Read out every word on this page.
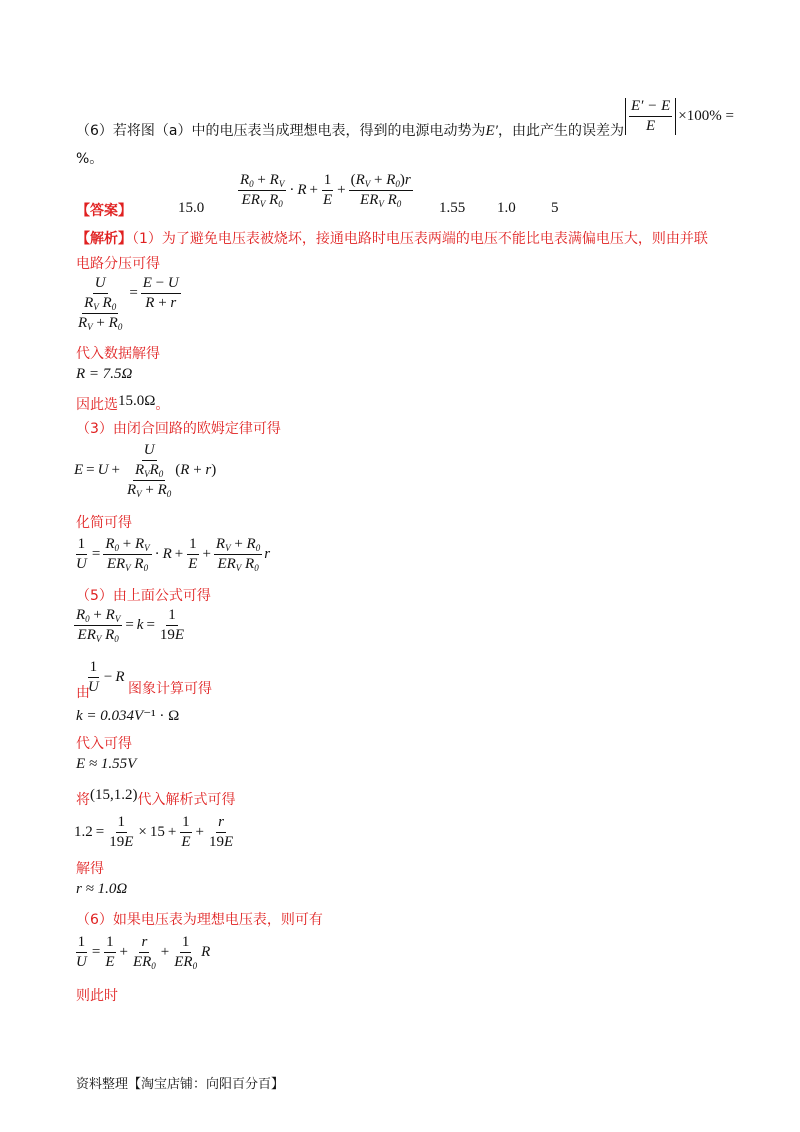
（6）若将图（a）中的电压表当成理想电表，得到的电源电动势为E′，由此产生的误差为 $\frac{E' - E}{E} \times 100\%$ =
%。
【答案】	$15.0 \frac{R_0 + R_V}{ER_V R_0} \cdot R + \frac{1}{E} + \frac{(R_V + R_0)r}{ER_V R_0} 1.55$ 1.0 5
【解析】（1）为了避免电压表被烧坏，接通电路时电压表两端的电压不能比电表满偏电压大，则由并联
电路分压可得
$\frac{U}{\frac{R_V R_0}{R_V + R_0}} = \frac{E - U}{R + r}$
代入数据解得
R = 7.5Ω
因此选15.0Ω。
（3）由闭合回路的欧姆定律可得
$E = U + \frac{U}{\frac{R_VR_0}{R_V + R_0}} (R + r)$
化简可得
$\frac{1}{U} = \frac{R_0 + R_V}{ER_V R_0} \cdot R + \frac{1}{E} + \frac{R_V + R_0}{ER_V R_0}$ r
（5）由上面公式可得
$\frac{R_0 + R_V}{ER_V R_0} = k = \frac{1}{19E}$
$\frac{1}{U} - R$
由	图象计算可得
k = 0.034V⁻¹ · Ω
代入可得
E ≈ 1.55V
将(15,1.2)代入解析式可得
$1.2 = \frac{1}{19E} \times 15 + \frac{1}{E} + \frac{r}{19E}$
解得
r ≈ 1.0Ω
（6）如果电压表为理想电压表，则可有
$\frac{1}{U} = \frac{1}{E} + \frac{r}{ER_0} + \frac{1}{ER_0}$ R
则此时
资料整理【淘宝店铺：向阳百分百】
